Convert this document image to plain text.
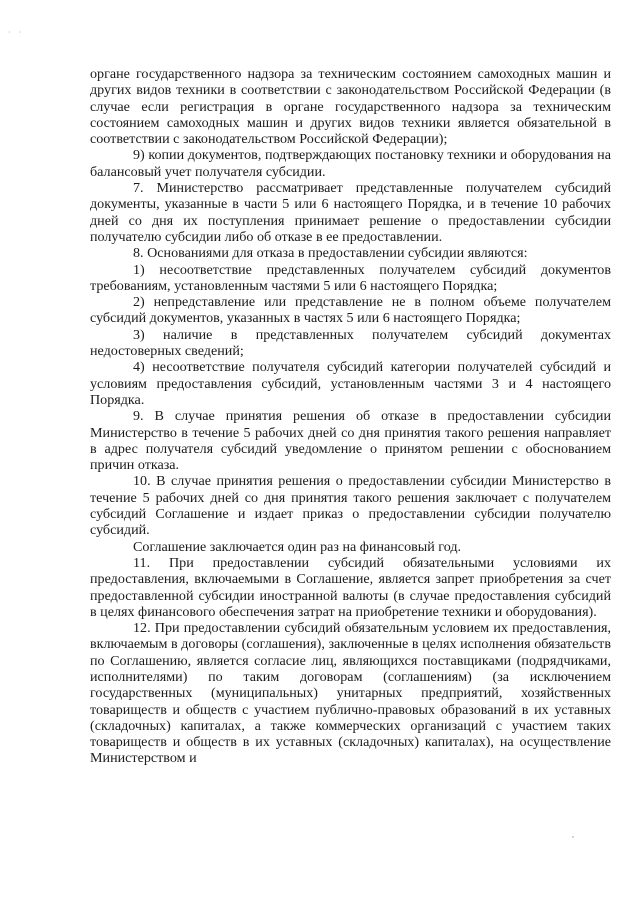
· ·

органе государственного надзора за техническим состоянием самоходных машин и других видов техники в соответствии с законодательством Российской Федерации (в случае если регистрация в органе государственного надзора за техническим состоянием самоходных машин и других видов техники является обязательной в соответствии с законодательством Российской Федерации);

9) копии документов, подтверждающих постановку техники и оборудования на балансовый учет получателя субсидии.

7. Министерство рассматривает представленные получателем субсидий документы, указанные в части 5 или 6 настоящего Порядка, и в течение 10 рабочих дней со дня их поступления принимает решение о предоставлении субсидии получателю субсидии либо об отказе в ее предоставлении.

8. Основаниями для отказа в предоставлении субсидии являются:

1) несоответствие представленных получателем субсидий документов требованиям, установленным частями 5 или 6 настоящего Порядка;

2) непредставление или представление не в полном объеме получателем субсидий документов, указанных в частях 5 или 6 настоящего Порядка;

3) наличие в представленных получателем субсидий документах недостоверных сведений;

4) несоответствие получателя субсидий категории получателей субсидий и условиям предоставления субсидий, установленным частями 3 и 4 настоящего Порядка.

9. В случае принятия решения об отказе в предоставлении субсидии Министерство в течение 5 рабочих дней со дня принятия такого решения направляет в адрес получателя субсидий уведомление о принятом решении с обоснованием причин отказа.

10. В случае принятия решения о предоставлении субсидии Министерство в течение 5 рабочих дней со дня принятия такого решения заключает с получателем субсидий Соглашение и издает приказ о предоставлении субсидии получателю субсидий.

Соглашение заключается один раз на финансовый год.

11. При предоставлении субсидий обязательными условиями их предоставления, включаемыми в Соглашение, является запрет приобретения за счет предоставленной субсидии иностранной валюты (в случае предоставления субсидий в целях финансового обеспечения затрат на приобретение техники и оборудования).

12. При предоставлении субсидий обязательным условием их предоставления, включаемым в договоры (соглашения), заключенные в целях исполнения обязательств по Соглашению, является согласие лиц, являющихся поставщиками (подрядчиками, исполнителями) по таким договорам (соглашениям) (за исключением государственных (муниципальных) унитарных предприятий, хозяйственных товариществ и обществ с участием публично-правовых образований в их уставных (складочных) капиталах, а также коммерческих организаций с участием таких товариществ и обществ в их уставных (складочных) капиталах), на осуществление Министерством и
